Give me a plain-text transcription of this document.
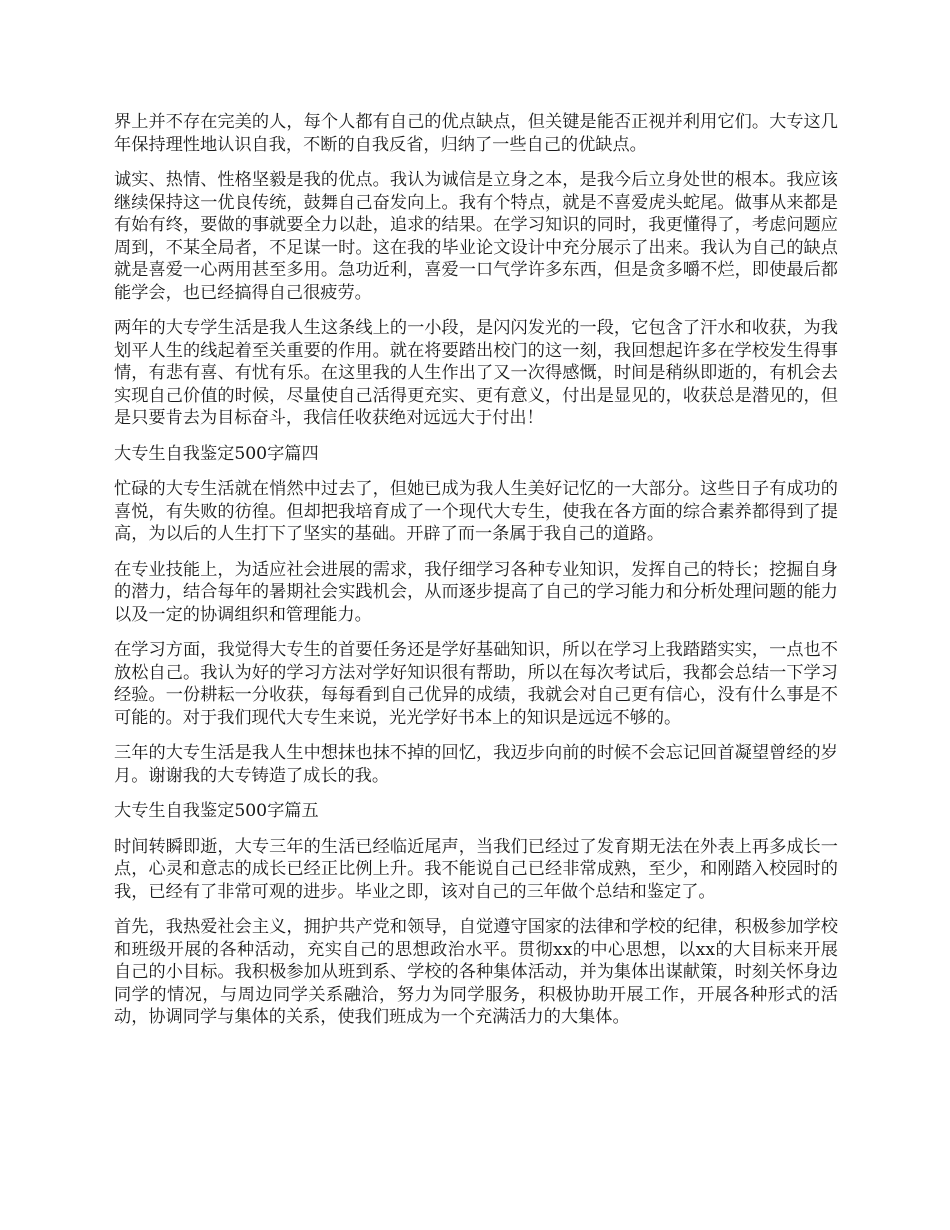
界上并不存在完美的人，每个人都有自己的优点缺点，但关键是能否正视并利用它们。大专这几年保持理性地认识自我，不断的自我反省，归纳了一些自己的优缺点。

诚实、热情、性格坚毅是我的优点。我认为诚信是立身之本，是我今后立身处世的根本。我应该继续保持这一优良传统，鼓舞自己奋发向上。我有个特点，就是不喜爱虎头蛇尾。做事从来都是有始有终，要做的事就要全力以赴，追求的结果。在学习知识的同时，我更懂得了，考虑问题应周到，不某全局者，不足谋一时。这在我的毕业论文设计中充分展示了出来。我认为自己的缺点就是喜爱一心两用甚至多用。急功近利，喜爱一口气学许多东西，但是贪多嚼不烂，即使最后都能学会，也已经搞得自己很疲劳。

两年的大专学生活是我人生这条线上的一小段，是闪闪发光的一段，它包含了汗水和收获，为我划平人生的线起着至关重要的作用。就在将要踏出校门的这一刻，我回想起许多在学校发生得事情，有悲有喜、有忧有乐。在这里我的人生作出了又一次得感慨，时间是稍纵即逝的，有机会去实现自己价值的时候，尽量使自己活得更充实、更有意义，付出是显见的，收获总是潜见的，但是只要肯去为目标奋斗，我信任收获绝对远远大于付出！

大专生自我鉴定500字篇四

忙碌的大专生活就在悄然中过去了，但她已成为我人生美好记忆的一大部分。这些日子有成功的喜悦，有失败的彷徨。但却把我培育成了一个现代大专生，使我在各方面的综合素养都得到了提高，为以后的人生打下了坚实的基础。开辟了而一条属于我自己的道路。

在专业技能上，为适应社会进展的需求，我仔细学习各种专业知识，发挥自己的特长；挖掘自身的潜力，结合每年的暑期社会实践机会，从而逐步提高了自己的学习能力和分析处理问题的能力以及一定的协调组织和管理能力。

在学习方面，我觉得大专生的首要任务还是学好基础知识，所以在学习上我踏踏实实，一点也不放松自己。我认为好的学习方法对学好知识很有帮助，所以在每次考试后，我都会总结一下学习经验。一份耕耘一分收获，每每看到自己优异的成绩，我就会对自己更有信心，没有什么事是不可能的。对于我们现代大专生来说，光光学好书本上的知识是远远不够的。

三年的大专生活是我人生中想抹也抹不掉的回忆，我迈步向前的时候不会忘记回首凝望曾经的岁月。谢谢我的大专铸造了成长的我。

大专生自我鉴定500字篇五

时间转瞬即逝，大专三年的生活已经临近尾声，当我们已经过了发育期无法在外表上再多成长一点，心灵和意志的成长已经正比例上升。我不能说自己已经非常成熟，至少，和刚踏入校园时的我，已经有了非常可观的进步。毕业之即，该对自己的三年做个总结和鉴定了。

首先，我热爱社会主义，拥护共产党和领导，自觉遵守国家的法律和学校的纪律，积极参加学校和班级开展的各种活动，充实自己的思想政治水平。贯彻xx的中心思想，以xx的大目标来开展自己的小目标。我积极参加从班到系、学校的各种集体活动，并为集体出谋献策，时刻关怀身边同学的情况，与周边同学关系融洽，努力为同学服务，积极协助开展工作，开展各种形式的活动，协调同学与集体的关系，使我们班成为一个充满活力的大集体。
